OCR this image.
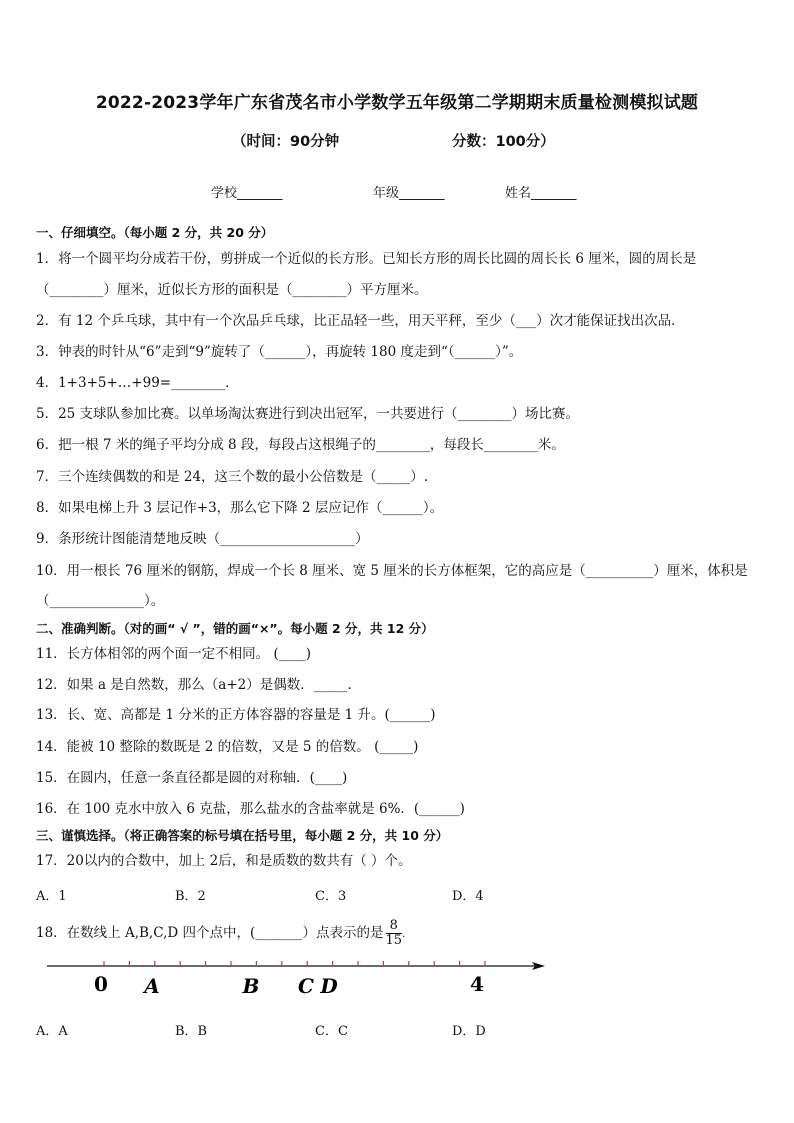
2022-2023学年广东省茂名市小学数学五年级第二学期期末质量检测模拟试题
（时间：90分钟	分数：100分）
学校_______	年级_______	姓名_______
一、仔细填空。（每小题 2 分，共 20 分）
1．将一个圆平均分成若干份，剪拼成一个近似的长方形。已知长方形的周长比圆的周长长 6 厘米，圆的周长是
（________）厘米，近似长方形的面积是（________）平方厘米。
2．有 12 个乒乓球，其中有一个次品乒乓球，比正品轻一些，用天平秤，至少（___）次才能保证找出次品．
3．钟表的时针从“6”走到“9”旋转了（______），再旋转 180 度走到“（______）”。
4．1+3+5+…+99=________．
5．25 支球队参加比赛。以单场淘汰赛进行到决出冠军，一共要进行（________）场比赛。
6．把一根 7 米的绳子平均分成 8 段，每段占这根绳子的________，每段长________米。
7．三个连续偶数的和是 24，这三个数的最小公倍数是（_____）.
8．如果电梯上升 3 层记作+3，那么它下降 2 层应记作（______）。
9．条形统计图能清楚地反映（____________________）
10．用一根长 76 厘米的钢筋，焊成一个长 8 厘米、宽 5 厘米的长方体框架，它的高应是（__________）厘米，体积是
（______________）。
二、准确判断。（对的画“ √ ”，错的画“×”。每小题 2 分，共 12 分）
11．长方体相邻的两个面一定不相同。 (____)
12．如果 a 是自然数，那么（a+2）是偶数．_____．
13．长、宽、高都是 1 分米的正方体容器的容量是 1 升。(______)
14．能被 10 整除的数既是 2 的倍数，又是 5 的倍数。 (_____)
15．在圆内，任意一条直径都是圆的对称轴．(____)
16．在 100 克水中放入 6 克盐，那么盐水的含盐率就是 6%．(______)
三、谨慎选择。（将正确答案的标号填在括号里，每小题 2 分，共 10 分）
17．20以内的合数中，加上 2后，和是质数的数共有（ ）个。
A．1	B．2	C．3	D．4
18．在数线上 A,B,C,D 四个点中，(_______）点表示的是 $\frac{8}{15}$ .
0 A	B C D	4
A．A	B．B	C．C	D．D
